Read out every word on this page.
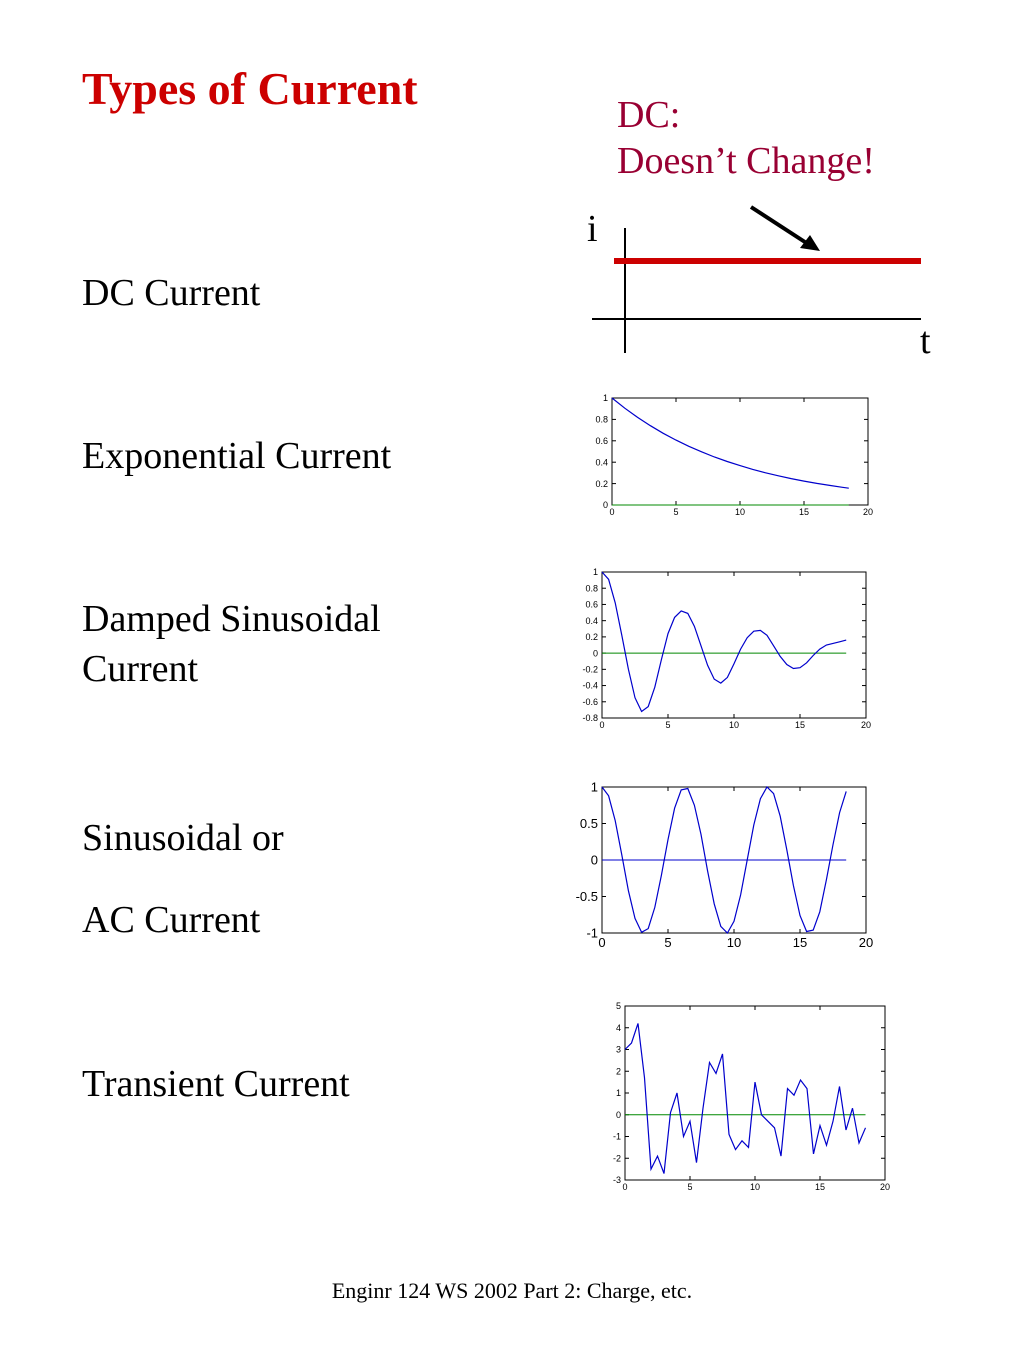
Types of Current
DC Current
Exponential Current
Damped Sinusoidal
Current
Sinusoidal or
AC Current
Transient Current
DC:
Doesn’t Change!
i
t
0	5	10	15	20
0
0.2
0.4
0.6
0.8
1
0	5	10	15	20
-0.8
-0.6
-0.4
-0.2
0
0.2
0.4
0.6
0.8
1
0	5	10	15	20
-1
-0.5
0
0.5
1
0	5	10	15	20
-3
-2
-1
0
1
2
3
4
5
Enginr 124 WS 2002 Part 2: Charge, etc.
